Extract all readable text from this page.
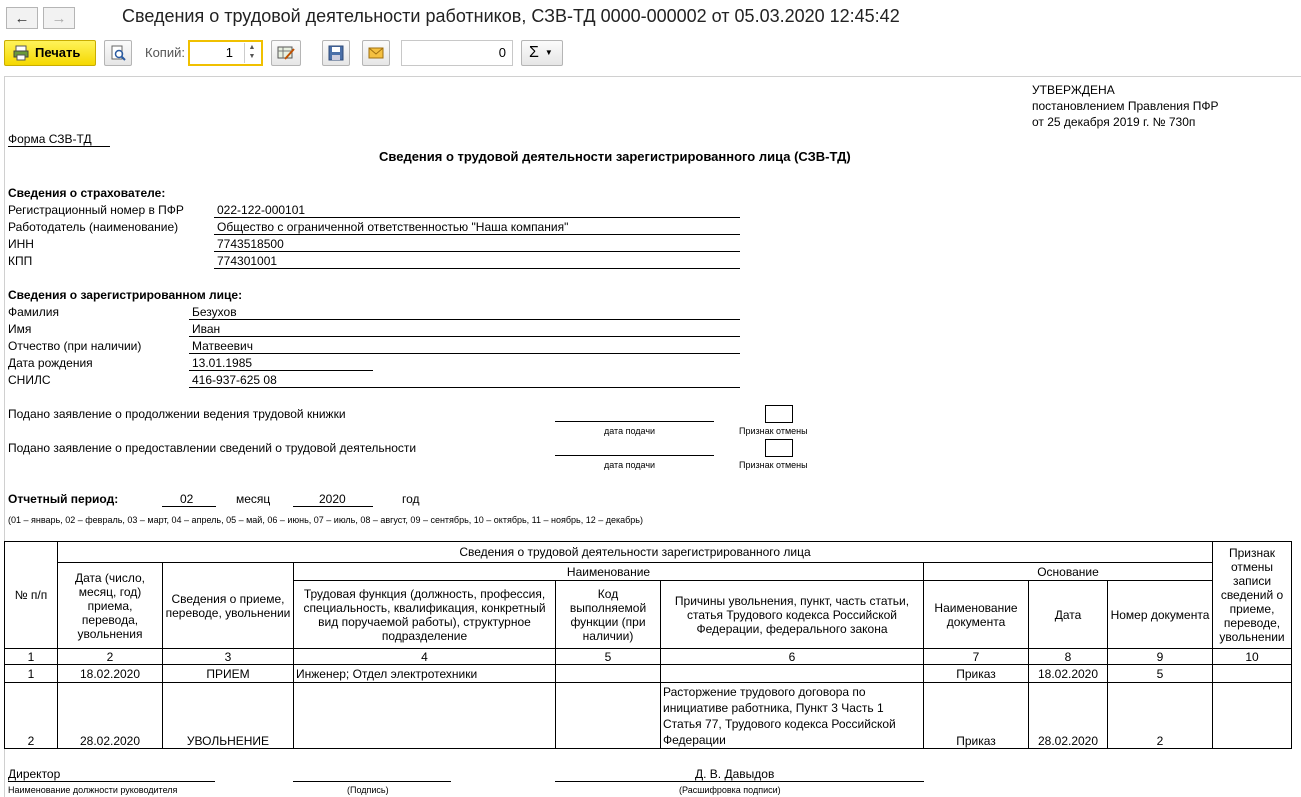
←	→	Сведения о трудовой деятельности работников, СЗВ-ТД 0000-000002 от 05.03.2020 12:45:42
Печать	Копий:	1	▲
▼	0	Σ ▼
УТВЕРЖДЕНА
постановлением Правления ПФР
от 25 декабря 2019 г. № 730п
Форма СЗВ-ТД
Сведения о трудовой деятельности зарегистрированного лица (СЗВ-ТД)
Сведения о страхователе:
Регистрационный номер в ПФР	022-122-000101
Работодатель (наименование)	Общество с ограниченной ответственностью "Наша компания"
ИНН	7743518500
КПП	774301001
Сведения о зарегистрированном лице:
Фамилия	Безухов
Имя	Иван
Отчество (при наличии)	Матвеевич
Дата рождения	13.01.1985
СНИЛС	416-937-625 08
Подано заявление о продолжении ведения трудовой книжки
дата подачи	Признак отмены
Подано заявление о предоставлении сведений о трудовой деятельности
дата подачи	Признак отмены
Отчетный период:	02	месяц	2020	год
(01 – январь, 02 – февраль, 03 – март, 04 – апрель, 05 – май, 06 – июнь, 07 – июль, 08 – август, 09 – сентябрь, 10 – октябрь, 11 – ноябрь, 12 – декабрь)
№ п/п	Сведения о трудовой деятельности зарегистрированного лица								Признак отмены записи сведений о приеме, переводе, увольнении
	Дата (число, месяц, год) приема, перевода, увольнения	Сведения о приеме, переводе, увольнении	Наименование			Основание			
			Трудовая функция (должность, профессия, специальность, квалификация, конкретный вид поручаемой работы), структурное подразделение	Код выполняемой функции (при наличии)	Причины увольнения, пункт, часть статьи, статья Трудового кодекса Российской Федерации, федерального закона	Наименование документа	Дата	Номер документа	
1	2	3	4	5	6	7	8	9	10
1	18.02.2020	ПРИЕМ	Инженер; Отдел электротехники			Приказ	18.02.2020	5	
2	28.02.2020	УВОЛЬНЕНИЕ			Расторжение трудового договора по инициативе работника, Пункт 3 Часть 1 Статья 77, Трудового кодекса Российской Федерации	Приказ	28.02.2020	2	
Директор
Наименование должности руководителя	(Подпись)
Д. В. Давыдов
(Расшифровка подписи)
